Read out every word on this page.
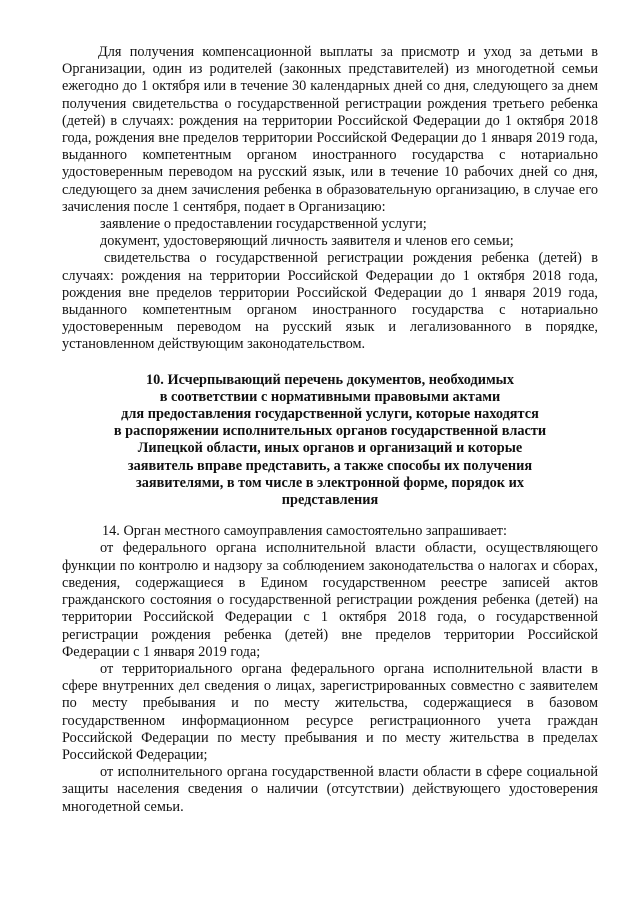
Для получения компенсационной выплаты за присмотр и уход за детьми в Организации, один из родителей (законных представителей) из многодетной семьи ежегодно до 1 октября или в течение 30 календарных дней со дня, следующего за днем получения свидетельства о государственной регистрации рождения третьего ребенка (детей) в случаях: рождения на территории Российской Федерации до 1 октября 2018 года, рождения вне пределов территории Российской Федерации до 1 января 2019 года, выданного компетентным органом иностранного государства с нотариально удостоверенным переводом на русский язык, или в течение 10 рабочих дней со дня, следующего за днем зачисления ребенка в образовательную организацию, в случае его зачисления после 1 сентября, подает в Организацию:

заявление о предоставлении государственной услуги;

документ, удостоверяющий личность заявителя и членов его семьи;

свидетельства о государственной регистрации рождения ребенка (детей) в случаях: рождения на территории Российской Федерации до 1 октября 2018 года, рождения вне пределов территории Российской Федерации до 1 января 2019 года, выданного компетентным органом иностранного государства с нотариально удостоверенным переводом на русский язык и легализованного в порядке, установленном действующим законодательством.

10. Исчерпывающий перечень документов, необходимых
в соответствии с нормативными правовыми актами
для предоставления государственной услуги, которые находятся
в распоряжении исполнительных органов государственной власти
Липецкой области, иных органов и организаций и которые
заявитель вправе представить, а также способы их получения
заявителями, в том числе в электронной форме, порядок их
представления

14. Орган местного самоуправления самостоятельно запрашивает:

от федерального органа исполнительной власти области, осуществляющего функции по контролю и надзору за соблюдением законодательства о налогах и сборах, сведения, содержащиеся в Едином государственном реестре записей актов гражданского состояния о государственной регистрации рождения ребенка (детей) на территории Российской Федерации с 1 октября 2018 года, о государственной регистрации рождения ребенка (детей) вне пределов территории Российской Федерации с 1 января 2019 года;

от территориального органа федерального органа исполнительной власти в сфере внутренних дел сведения о лицах, зарегистрированных совместно с заявителем по месту пребывания и по месту жительства, содержащиеся в базовом государственном информационном ресурсе регистрационного учета граждан Российской Федерации по месту пребывания и по месту жительства в пределах Российской Федерации;

от исполнительного органа государственной власти области в сфере социальной защиты населения сведения о наличии (отсутствии) действующего удостоверения многодетной семьи.
